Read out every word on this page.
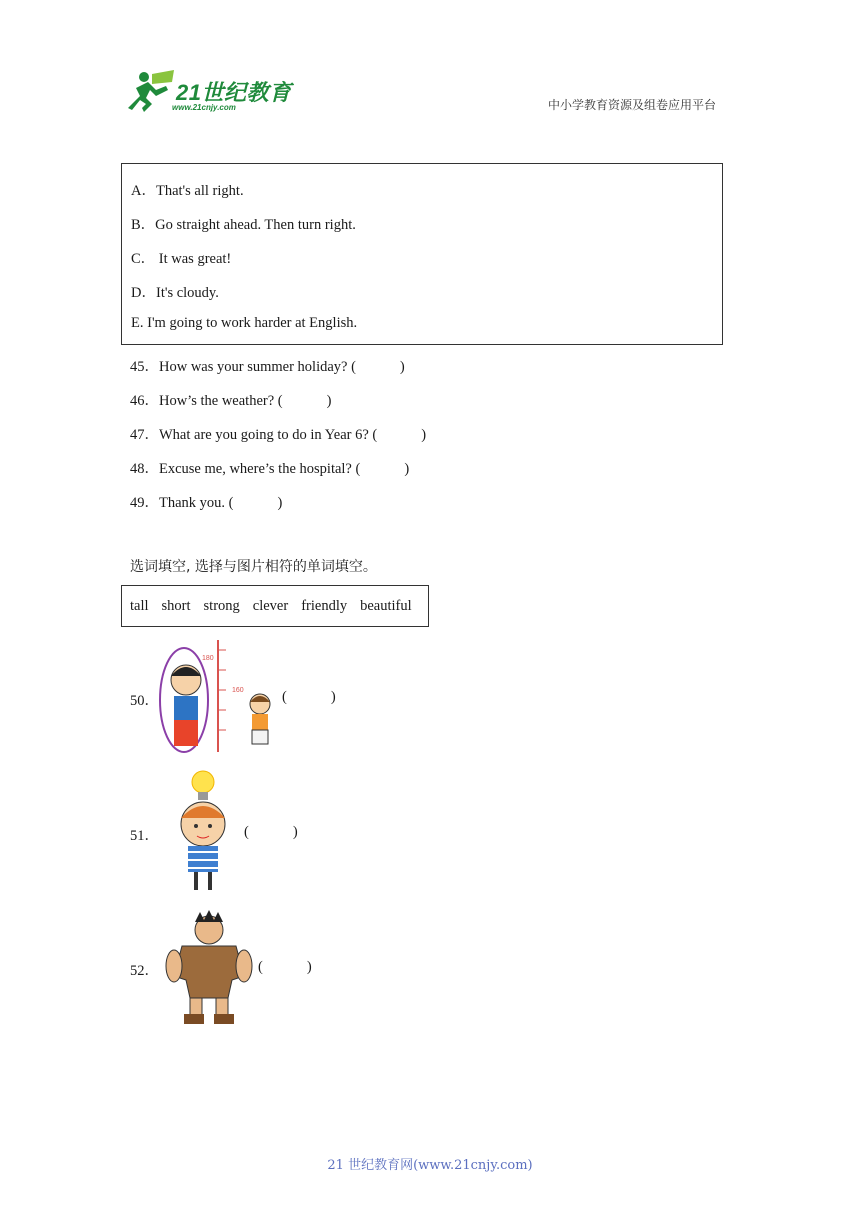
21世纪教育
www.21cnjy.com	中小学教育资源及组卷应用平台
A．That's all right.
B．Go straight ahead. Then turn right.
C． It was great!
D．It's cloudy.
E. I'm going to work harder at English.
45．How was your summer holiday? (	)
46．How’s the weather? (	)
47．What are you going to do in Year 6? (	)
48．Excuse me, where’s the hospital? (	)
49．Thank you. (	)
选词填空, 选择与图片相符的单词填空。
tall short strong clever friendly beautiful
50．
180
160	(	)
51．	(	)
52．	(	)
21 世纪教育网(www.21cnjy.com)
